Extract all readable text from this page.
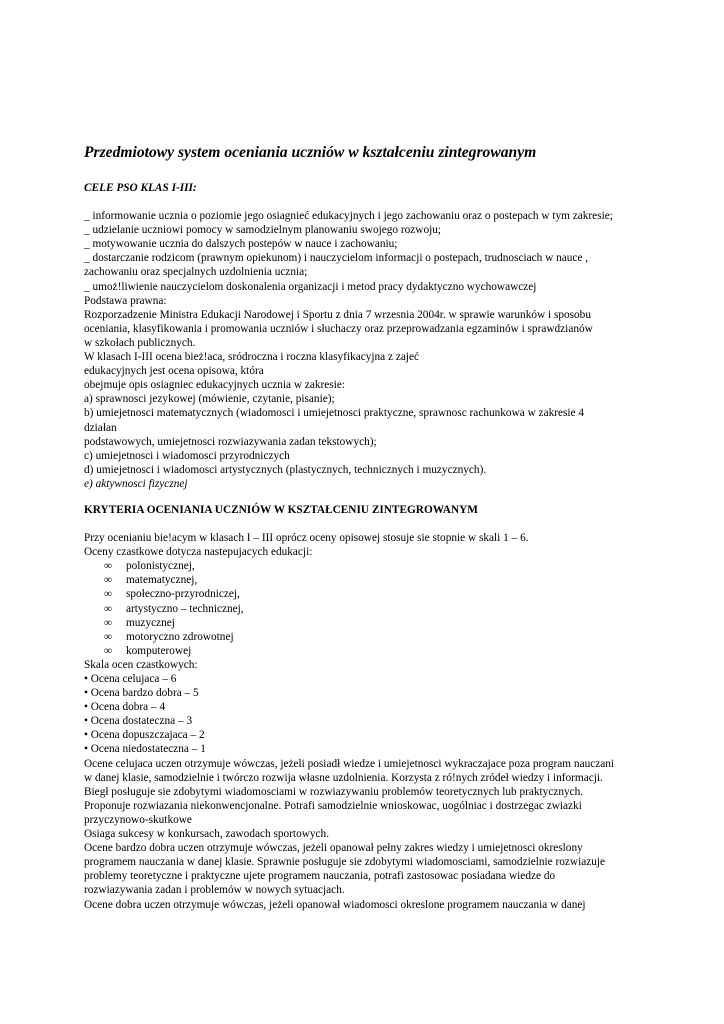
Przedmiotowy system oceniania uczniów w kształceniu zintegrowanym

CELE PSO KLAS I-III:

_ informowanie ucznia o poziomie jego osiagnieć edukacyjnych i jego zachowaniu oraz o postepach w tym zakresie;

_ udzielanie uczniowi pomocy w samodzielnym planowaniu swojego rozwoju;

_ motywowanie ucznia do dalszych postepów w nauce i zachowaniu;

_ dostarczanie rodzicom (prawnym opiekunom) i nauczycielom informacji o postepach, trudnosciach w nauce ,

zachowaniu oraz specjalnych uzdolnienia ucznia;

_ umoż!liwienie nauczycielom doskonalenia organizacji i metod pracy dydaktyczno wychowawczej

Podstawa prawna:

Rozporzadzenie Ministra Edukacji Narodowej i Sportu z dnia 7 wrzesnia 2004r. w sprawie warunków i sposobu

oceniania, klasyfikowania i promowania uczniów i słuchaczy oraz przeprowadzania egzaminów i sprawdzianów

w szkołach publicznych.

W klasach I-III ocena bież!aca, sródroczna i roczna klasyfikacyjna z zajeć

edukacyjnych jest ocena opisowa, która

obejmuje opis osiagniec edukacyjnych ucznia w zakresie:

a) sprawnosci jezykowej (mówienie, czytanie, pisanie);

b) umiejetnosci matematycznych (wiadomosci i umiejetnosci praktyczne, sprawnosc rachunkowa w zakresie 4

działan

podstawowych, umiejetnosci rozwiazywania zadan tekstowych);

c) umiejetnosci i wiadomosci przyrodniczych

d) umiejetnosci i wiadomosci artystycznych (plastycznych, technicznych i muzycznych).

e) aktywnosci fizycznej

KRYTERIA OCENIANIA UCZNIÓW W KSZTAŁCENIU ZINTEGROWANYM

Przy ocenianiu bie!acym w klasach I – III oprócz oceny opisowej stosuje sie stopnie w skali 1 – 6.

Oceny czastkowe dotycza nastepujacych edukacji:

∞	polonistycznej,
∞	matematycznej,
∞	społeczno-przyrodniczej,
∞	artystyczno – technicznej,
∞	muzycznej
∞	motoryczno zdrowotnej
∞	komputerowej

Skala ocen czastkowych:

• Ocena celujaca – 6

• Ocena bardzo dobra – 5

• Ocena dobra – 4

• Ocena dostateczna – 3

• Ocena dopuszczajaca – 2

• Ocena niedostateczna – 1

Ocene celujaca uczen otrzymuje wówczas, jeżeli posiadł wiedze i umiejetnosci wykraczajace poza program nauczani

w danej klasie, samodzielnie i twórczo rozwija własne uzdolnienia. Korzysta z ró!nych zródeł wiedzy i informacji.

Biegł posługuje sie zdobytymi wiadomosciami w rozwiazywaniu problemów teoretycznych lub praktycznych.

Proponuje rozwiazania niekonwencjonalne. Potrafi samodzielnie wnioskowac, uogólniac i dostrzegac zwiazki

przyczynowo-skutkowe

Osiaga sukcesy w konkursach, zawodach sportowych.

Ocene bardzo dobra uczen otrzymuje wówczas, jeżeli opanował pełny zakres wiedzy i umiejetnosci okreslony

programem nauczania w danej klasie. Sprawnie posługuje sie zdobytymi wiadomosciami, samodzielnie rozwiazuje

problemy teoretyczne i praktyczne ujete programem nauczania, potrafi zastosowac posiadana wiedze do

rozwiazywania zadan i problemów w nowych sytuacjach.

Ocene dobra uczen otrzymuje wówczas, jeżeli opanował wiadomosci okreslone programem nauczania w danej
